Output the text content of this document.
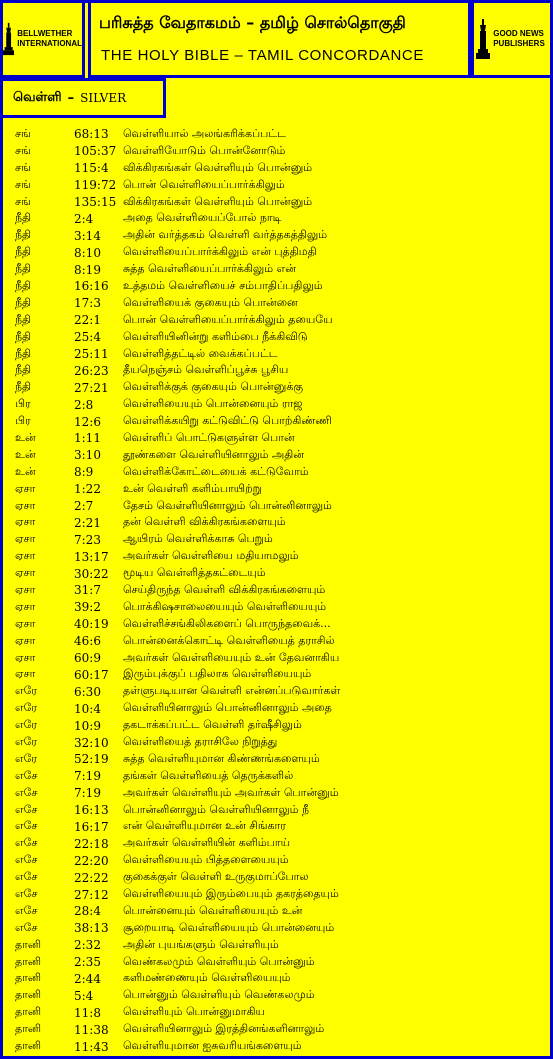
BELLWETHER
INTERNATIONAL
பரிசுத்த வேதாகமம் – தமிழ் சொல்தொகுதி
THE HOLY BIBLE – TAMIL CONCORDANCE
GOOD NEWS
PUBLISHERS
வெள்ளி – SILVER
சங்	68:13	வெள்ளியால் அலங்கரிக்கப்பட்ட
சங்	105:37 வெள்ளியோடும் பொன்னோடும்
சங்	115:4	விக்கிரகங்கள் வெள்ளியும் பொன்னும்
சங்	119:72 பொன் வெள்ளியைப்பார்க்கிலும்
சங்	135:15 விக்கிரகங்கள் வெள்ளியும் பொன்னும்
நீதி	2:4	அதை வெள்ளியைப்போல் நாடி
நீதி	3:14	அதின் வர்த்தகம் வெள்ளி வர்த்தகத்திலும்
நீதி	8:10	வெள்ளியைப்பார்க்கிலும் என் புத்திமதி
நீதி	8:19	சுத்த வெள்ளியைப்பார்க்கிலும் என்
நீதி	16:16	உத்தமம் வெள்ளியைச் சம்பாதிப்பதிலும்
நீதி	17:3	வெள்ளியைக் குகையும் பொன்னை
நீதி	22:1	பொன் வெள்ளியைப்பார்க்கிலும் தயையே
நீதி	25:4	வெள்ளியினின்று களிம்பை நீக்கிவிடு
நீதி	25:11	வெள்ளித்தட்டில் வைக்கப்பட்ட
நீதி	26:23	தீயநெஞ்சம் வெள்ளிப்பூச்சு பூசிய
நீதி	27:21	வெள்ளிக்குக் குகையும் பொன்னுக்கு
பிர	2:8	வெள்ளியையும் பொன்னையும் ராஜ
பிர	12:6	வெள்ளிக்கயிறு கட்டுவிட்டு பொற்கிண்ணி
உன்	1:11	வெள்ளிப் பொட்டுகளுள்ள பொன்
உன்	3:10	தூண்களை வெள்ளியினாலும் அதின்
உன்	8:9	வெள்ளிக்கோட்டையைக் கட்டுவோம்
ஏசா	1:22	உன் வெள்ளி களிம்பாயிற்று
ஏசா	2:7	தேசம் வெள்ளியினாலும் பொன்னினாலும்
ஏசா	2:21	தன் வெள்ளி விக்கிரகங்களையும்
ஏசா	7:23	ஆயிரம் வெள்ளிக்காசு பெறும்
ஏசா	13:17	அவர்கள் வெள்ளியை மதியாமலும்
ஏசா	30:22	மூடிய வெள்ளித்தகட்டையும்
ஏசா	31:7	செய்திருந்த வெள்ளி விக்கிரகங்களையும்
ஏசா	39:2	பொக்கிஷசாலையையும் வெள்ளியையும்
ஏசா	40:19	வெள்ளிச்சங்கிலிகளைப் பொருந்தவைக்...
ஏசா	46:6	பொன்னைக்கொட்டி வெள்ளியைத் தராசில்
ஏசா	60:9	அவர்கள் வெள்ளியையும் உன் தேவனாகிய
ஏசா	60:17	இரும்புக்குப் பதிலாக வெள்ளியையும்
எரே	6:30	தள்ளுபடியான வெள்ளி என்னப்படுவார்கள்
எரே	10:4	வெள்ளியினாலும் பொன்னினாலும் அதை
எரே	10:9	தகடாக்கப்பட்ட வெள்ளி தர்ஷீசிலும்
எரே	32:10	வெள்ளியைத் தராசிலே நிறுத்து
எரே	52:19	சுத்த வெள்ளியுமான கிண்ணங்களையும்
எசே	7:19	தங்கள் வெள்ளியைத் தெருக்களில்
எசே	7:19	அவர்கள் வெள்ளியும் அவர்கள் பொன்னும்
எசே	16:13	பொன்னினாலும் வெள்ளியினாலும் நீ
எசே	16:17	என் வெள்ளியுமான உன் சிங்கார
எசே	22:18	அவர்கள் வெள்ளியின் களிம்பாய்
எசே	22:20	வெள்ளியையும் பித்தளையையும்
எசே	22:22	குகைக்குள் வெள்ளி உருகுமாப்போல
எசே	27:12	வெள்ளியையும் இரும்பையும் தகரத்தையும்
எசே	28:4	பொன்னையும் வெள்ளியையும் உன்
எசே	38:13	சூறையாடி வெள்ளியையும் பொன்னையும்
தானி	2:32	அதின் புயங்களும் வெள்ளியும்
தானி	2:35	வெண்கலமும் வெள்ளியும் பொன்னும்
தானி	2:44	களிமண்ணையும் வெள்ளியையும்
தானி	5:4	பொன்னும் வெள்ளியும் வெண்கலமும்
தானி	11:8	வெள்ளியும் பொன்னுமாகிய
தானி	11:38	வெள்ளியினாலும் இரத்தினங்களினாலும்
தானி	11:43	வெள்ளியுமான ஐசுவரியங்களையும்
